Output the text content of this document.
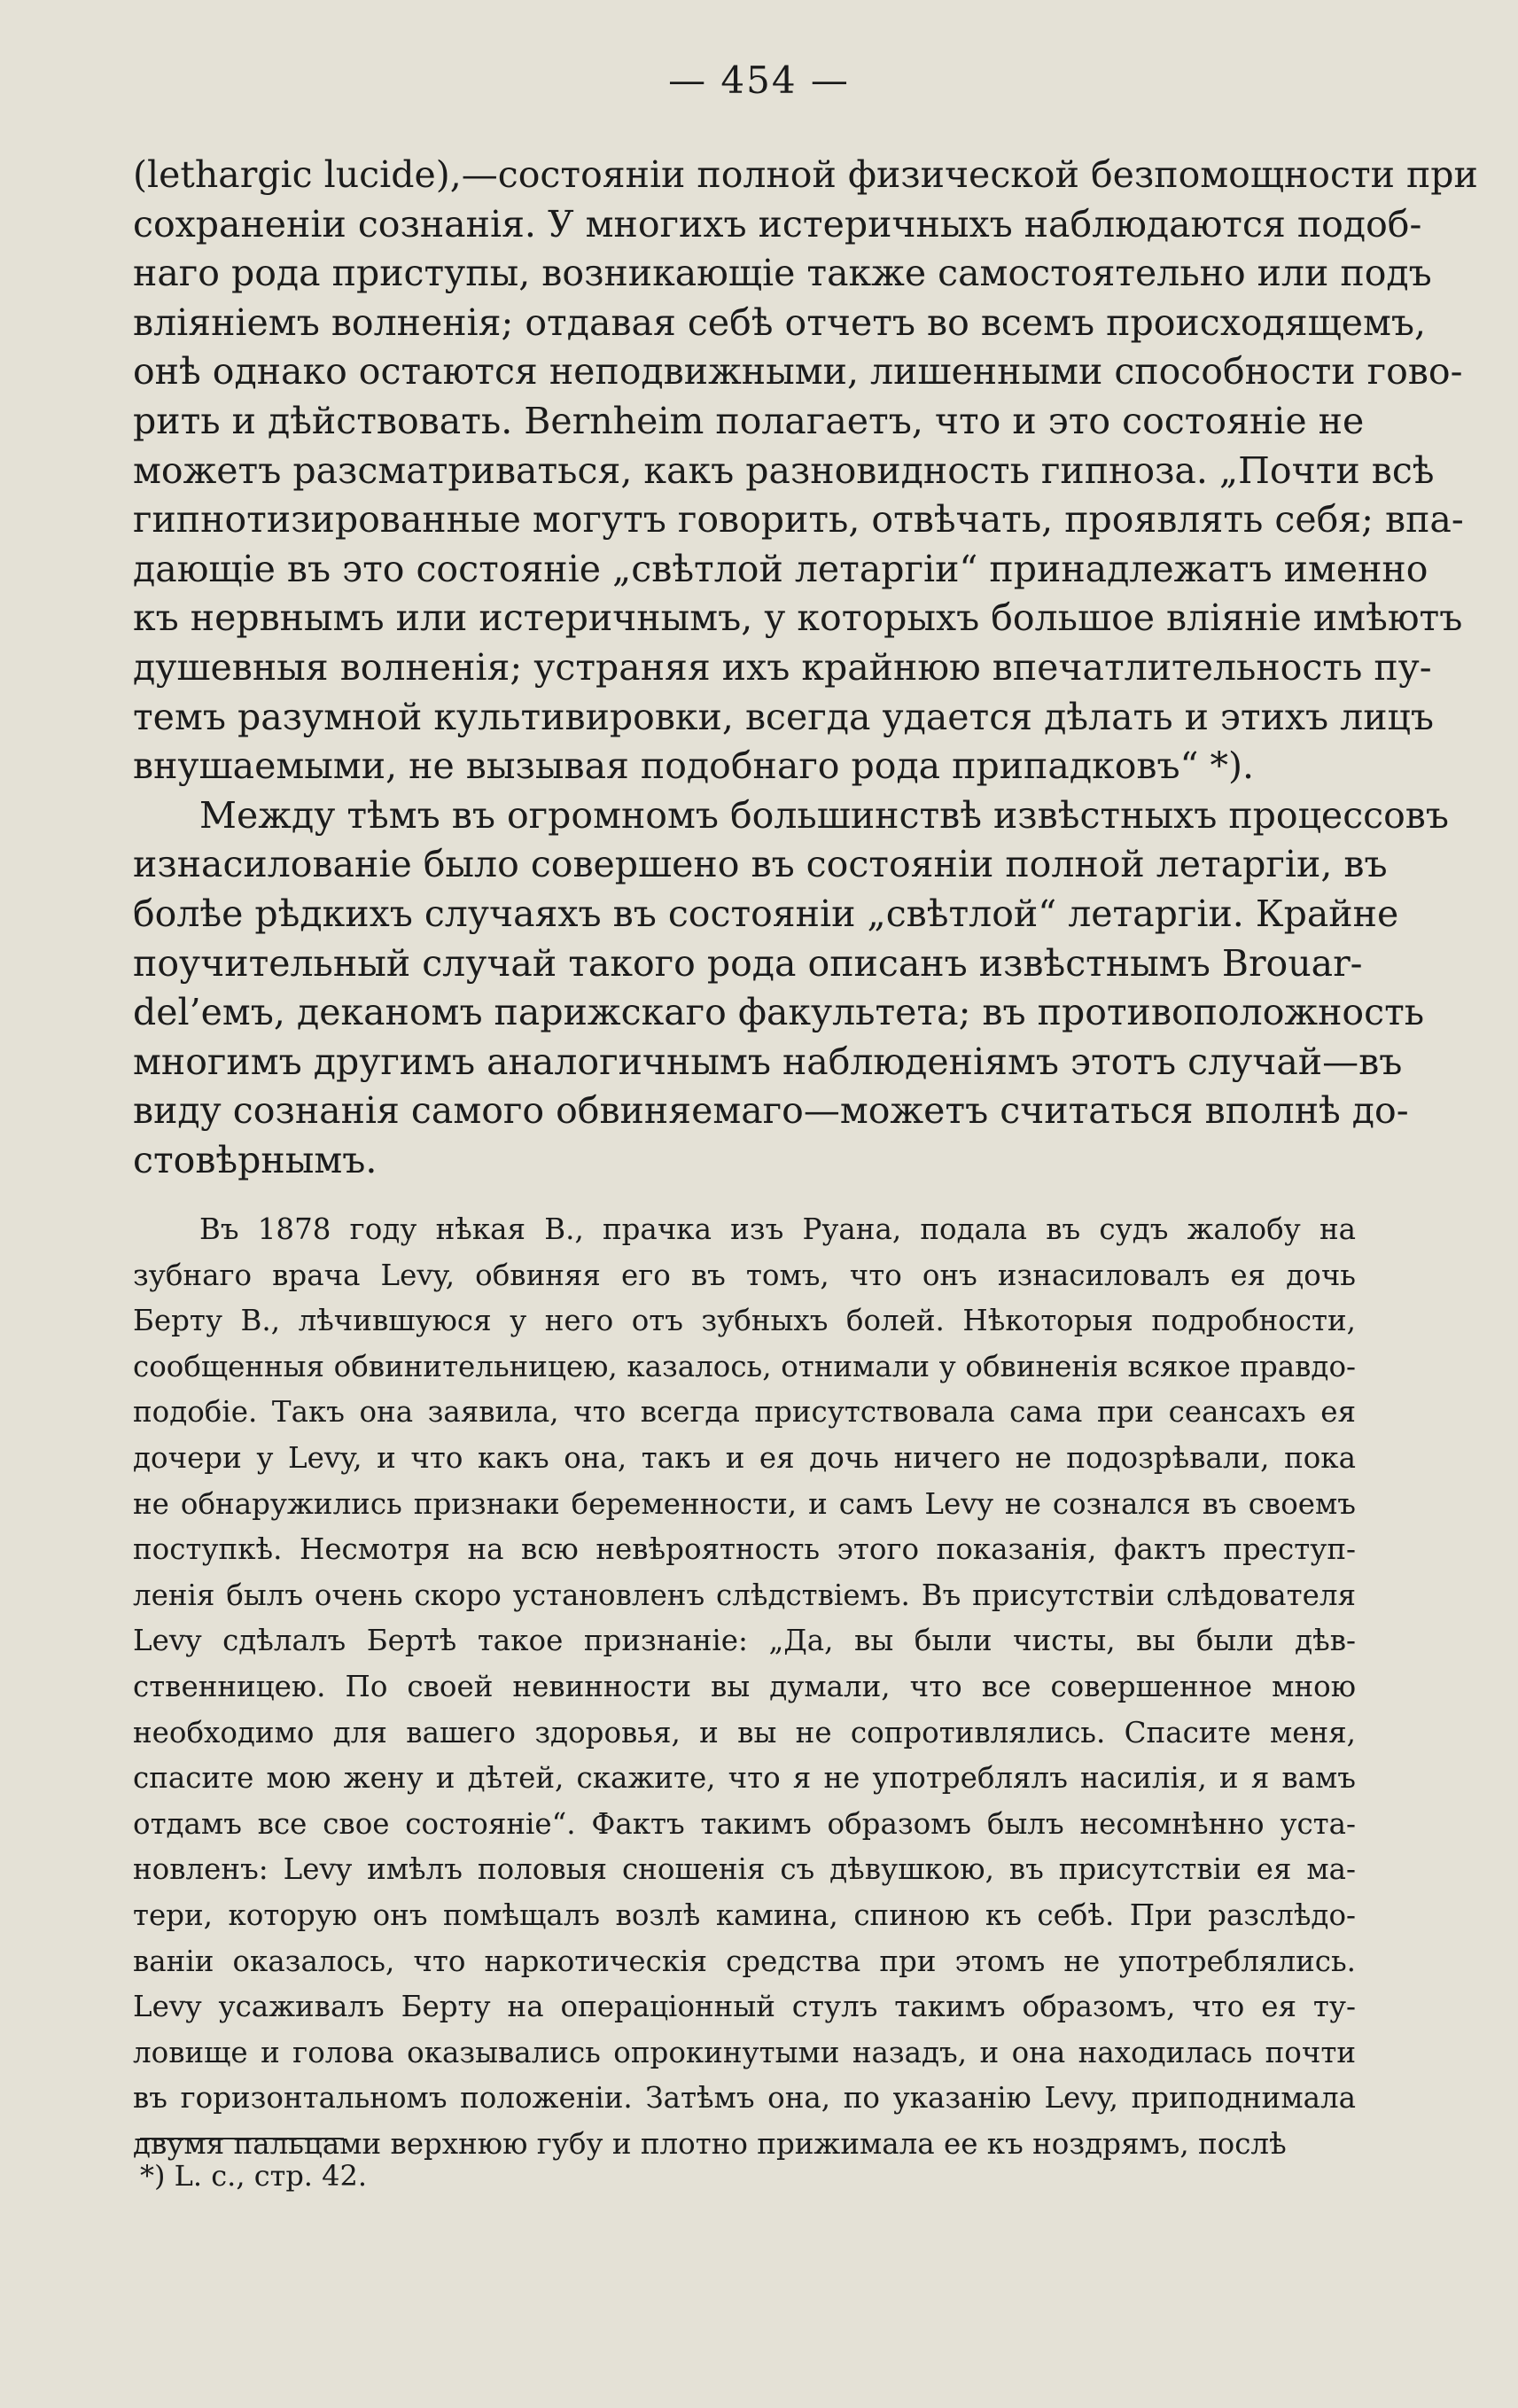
— 454 —

(lethargic lucide),—состоянiи полной физической безпомощности при
сохраненiи сознанiя. У многихъ истеричныхъ наблюдаются подоб-
наго рода приступы, возникающiе также самостоятельно или подъ
влiянiемъ волненiя; отдавая себѣ отчетъ во всемъ происходящемъ,
онѣ однако остаются неподвижными, лишенными способности гово-
рить и дѣйствовать. Bernheim полагаетъ, что и это состоянiе не
можетъ разсматриваться, какъ разновидность гипноза. „Почти всѣ
гипнотизированные могутъ говорить, отвѣчать, проявлять себя; впа-
дающiе въ это состоянiе „свѣтлой летаргiи“ принадлежатъ именно
къ нервнымъ или истеричнымъ, у которыхъ большое влiянiе имѣютъ
душевныя волненiя; устраняя ихъ крайнюю впечатлительность пу-
темъ разумной культивировки, всегда удается дѣлать и этихъ лицъ
внушаемыми, не вызывая подобнаго рода припадковъ“ *).

Между тѣмъ въ огромномъ большинствѣ извѣстныхъ процессовъ
изнасилованiе было совершено въ состоянiи полной летаргiи, въ
болѣе рѣдкихъ случаяхъ въ состоянiи „свѣтлой“ летаргiи. Крайне
поучительный случай такого рода описанъ извѣстнымъ Brouar-
del’емъ, деканомъ парижскаго факультета; въ противоположность
многимъ другимъ аналогичнымъ наблюденiямъ этотъ случай—въ
виду сознанiя самого обвиняемаго—можетъ считаться вполнѣ до-
стовѣрнымъ.

Въ 1878 году нѣкая В., прачка изъ Руана, подала въ судъ жалобу на
зубнаго врача Levy, обвиняя его въ томъ, что онъ изнасиловалъ ея дочь
Берту В., лѣчившуюся у него отъ зубныхъ болей. Нѣкоторыя подробности,
сообщенныя обвинительницею, казалось, отнимали у обвиненiя всякое правдо-
подобiе. Такъ она заявила, что всегда присутствовала сама при сеансахъ ея
дочери у Levy, и что какъ она, такъ и ея дочь ничего не подозрѣвали, пока
не обнаружились признаки беременности, и самъ Levy не сознался въ своемъ
поступкѣ. Несмотря на всю невѣроятность этого показанiя, фактъ преступ-
ленiя былъ очень скоро установленъ слѣдствiемъ. Въ присутствiи слѣдователя
Levy сдѣлалъ Бертѣ такое признанiе: „Да, вы были чисты, вы были дѣв-
ственницею. По своей невинности вы думали, что все совершенное мною
необходимо для вашего здоровья, и вы не сопротивлялись. Спасите меня,
спасите мою жену и дѣтей, скажите, что я не употреблялъ насилiя, и я вамъ
отдамъ все свое состоянiе“. Фактъ такимъ образомъ былъ несомнѣнно уста-
новленъ: Levy имѣлъ половыя сношенiя съ дѣвушкою, въ присутствiи ея ма-
тери, которую онъ помѣщалъ возлѣ камина, спиною къ себѣ. При разслѣдо-
ванiи оказалось, что наркотическiя средства при этомъ не употреблялись.
Levy усаживалъ Берту на операцiонный стулъ такимъ образомъ, что ея ту-
ловище и голова оказывались опрокинутыми назадъ, и она находилась почти
въ горизонтальномъ положенiи. Затѣмъ она, по указанiю Levy, приподнимала
двумя пальцами верхнюю губу и плотно прижимала ее къ ноздрямъ, послѣ

*) L. c., стр. 42.
